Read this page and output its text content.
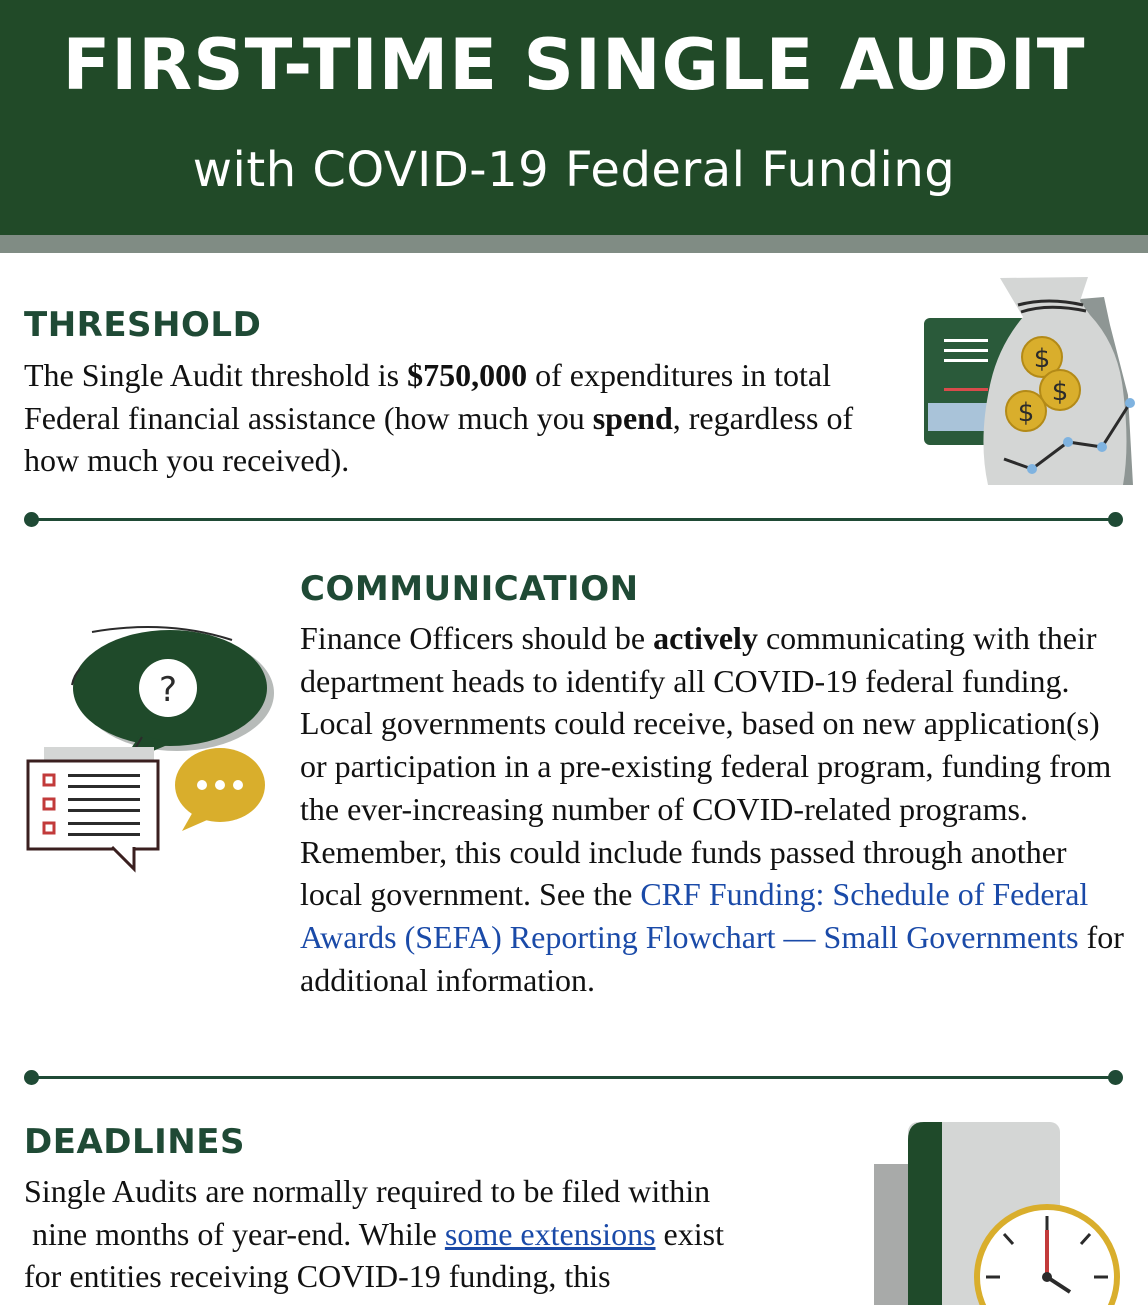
FIRST-TIME SINGLE AUDIT
with COVID-19 Federal Funding
THRESHOLD

The Single Audit threshold is $750,000 of expenditures in total Federal financial assistance (how much you spend, regardless of how much you received).

$
$
$
COMMUNICATION

Finance Officers should be actively communicating with their department heads to identify all COVID-19 federal funding. Local governments could receive, based on new application(s) or participation in a pre-existing federal program, funding from the ever-increasing number of COVID-related programs. Remember, this could include funds passed through another local government. See the CRF Funding: Schedule of Federal Awards (SEFA) Reporting Flowchart — Small Governments for additional information.

?
DEADLINES

Single Audits are normally required to be filed within
nine months of year-end. While some extensions exist
for entities receiving COVID-19 funding, this
